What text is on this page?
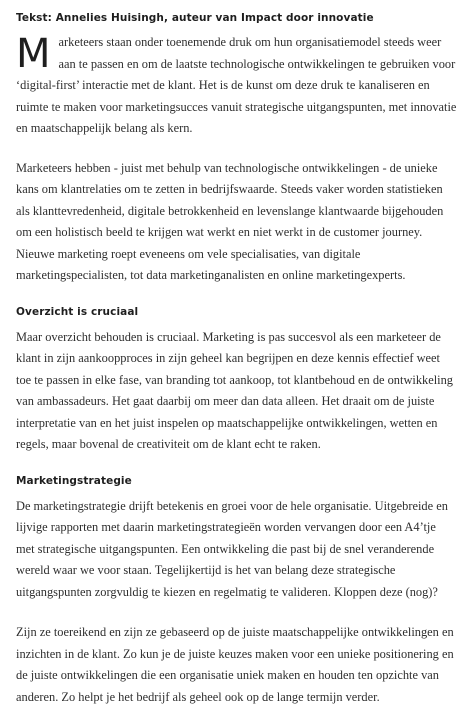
Tekst: Annelies Huisingh, auteur van Impact door innovatie

Marketeers staan onder toenemende druk om hun organisatiemodel steeds weer aan te passen en om de laatste technologische ontwikkelingen te gebruiken voor ‘digital-first’ interactie met de klant. Het is de kunst om deze druk te kanaliseren en ruimte te maken voor marketingsucces vanuit strategische uitgangspunten, met innovatie en maatschappelijk belang als kern.

Marketeers hebben - juist met behulp van technologische ontwikkelingen - de unieke kans om klantrelaties om te zetten in bedrijfswaarde. Steeds vaker worden statistieken als klanttevredenheid, digitale betrokkenheid en levenslange klantwaarde bijgehouden om een holistisch beeld te krijgen wat werkt en niet werkt in de customer journey. Nieuwe marketing roept eveneens om vele specialisaties, van digitale marketingspecialisten, tot data marketinganalisten en online marketingexperts.

Overzicht is cruciaal

Maar overzicht behouden is cruciaal. Marketing is pas succesvol als een marketeer de klant in zijn aankoopproces in zijn geheel kan begrijpen en deze kennis effectief weet toe te passen in elke fase, van branding tot aankoop, tot klantbehoud en de ontwikkeling van ambassadeurs. Het gaat daarbij om meer dan data alleen. Het draait om de juiste interpretatie van en het juist inspelen op maatschappelijke ontwikkelingen, wetten en regels, maar bovenal de creativiteit om de klant echt te raken.

Marketingstrategie

De marketingstrategie drijft betekenis en groei voor de hele organisatie. Uitgebreide en lijvige rapporten met daarin marketingstrategieën worden vervangen door een A4’tje met strategische uitgangspunten. Een ontwikkeling die past bij de snel veranderende wereld waar we voor staan. Tegelijkertijd is het van belang deze strategische uitgangspunten zorgvuldig te kiezen en regelmatig te valideren. Kloppen deze (nog)?

Zijn ze toereikend en zijn ze gebaseerd op de juiste maatschappelijke ontwikkelingen en inzichten in de klant. Zo kun je de juiste keuzes maken voor een unieke positionering en de juiste ontwikkelingen die een organisatie uniek maken en houden ten opzichte van anderen. Zo helpt je het bedrijf als geheel ook op de lange termijn verder.
